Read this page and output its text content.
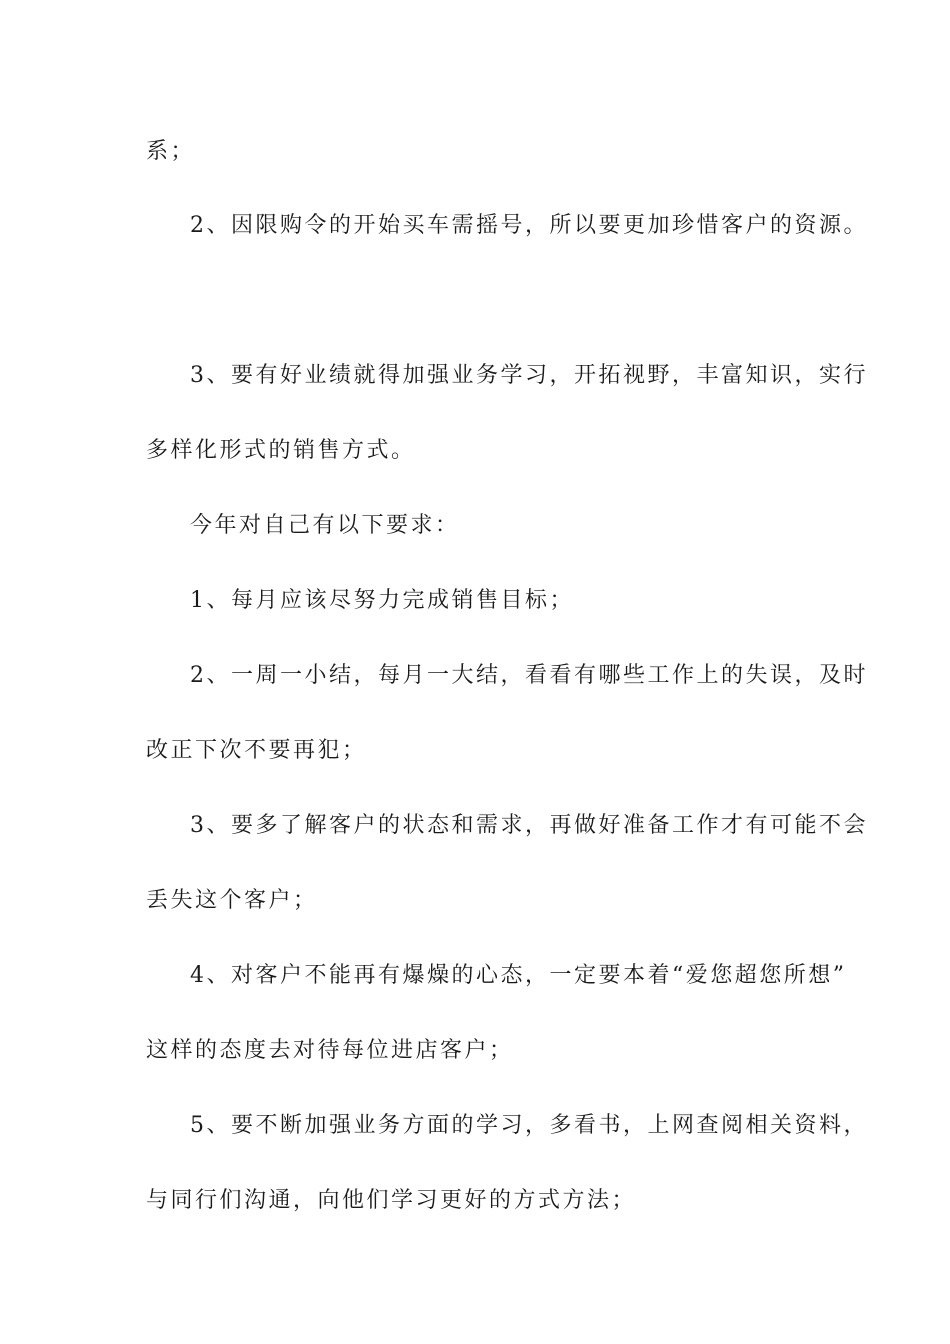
系；

2、因限购令的开始买车需摇号，所以要更加珍惜客户的资源。

3、要有好业绩就得加强业务学习，开拓视野，丰富知识，实行

多样化形式的销售方式。

今年对自己有以下要求：

1、每月应该尽努力完成销售目标；

2、一周一小结，每月一大结，看看有哪些工作上的失误，及时

改正下次不要再犯；

3、要多了解客户的状态和需求，再做好准备工作才有可能不会

丢失这个客户；

4、对客户不能再有爆燥的心态，一定要本着“爱您超您所想”

这样的态度去对待每位进店客户；

5、要不断加强业务方面的学习，多看书，上网查阅相关资料，

与同行们沟通，向他们学习更好的方式方法；
